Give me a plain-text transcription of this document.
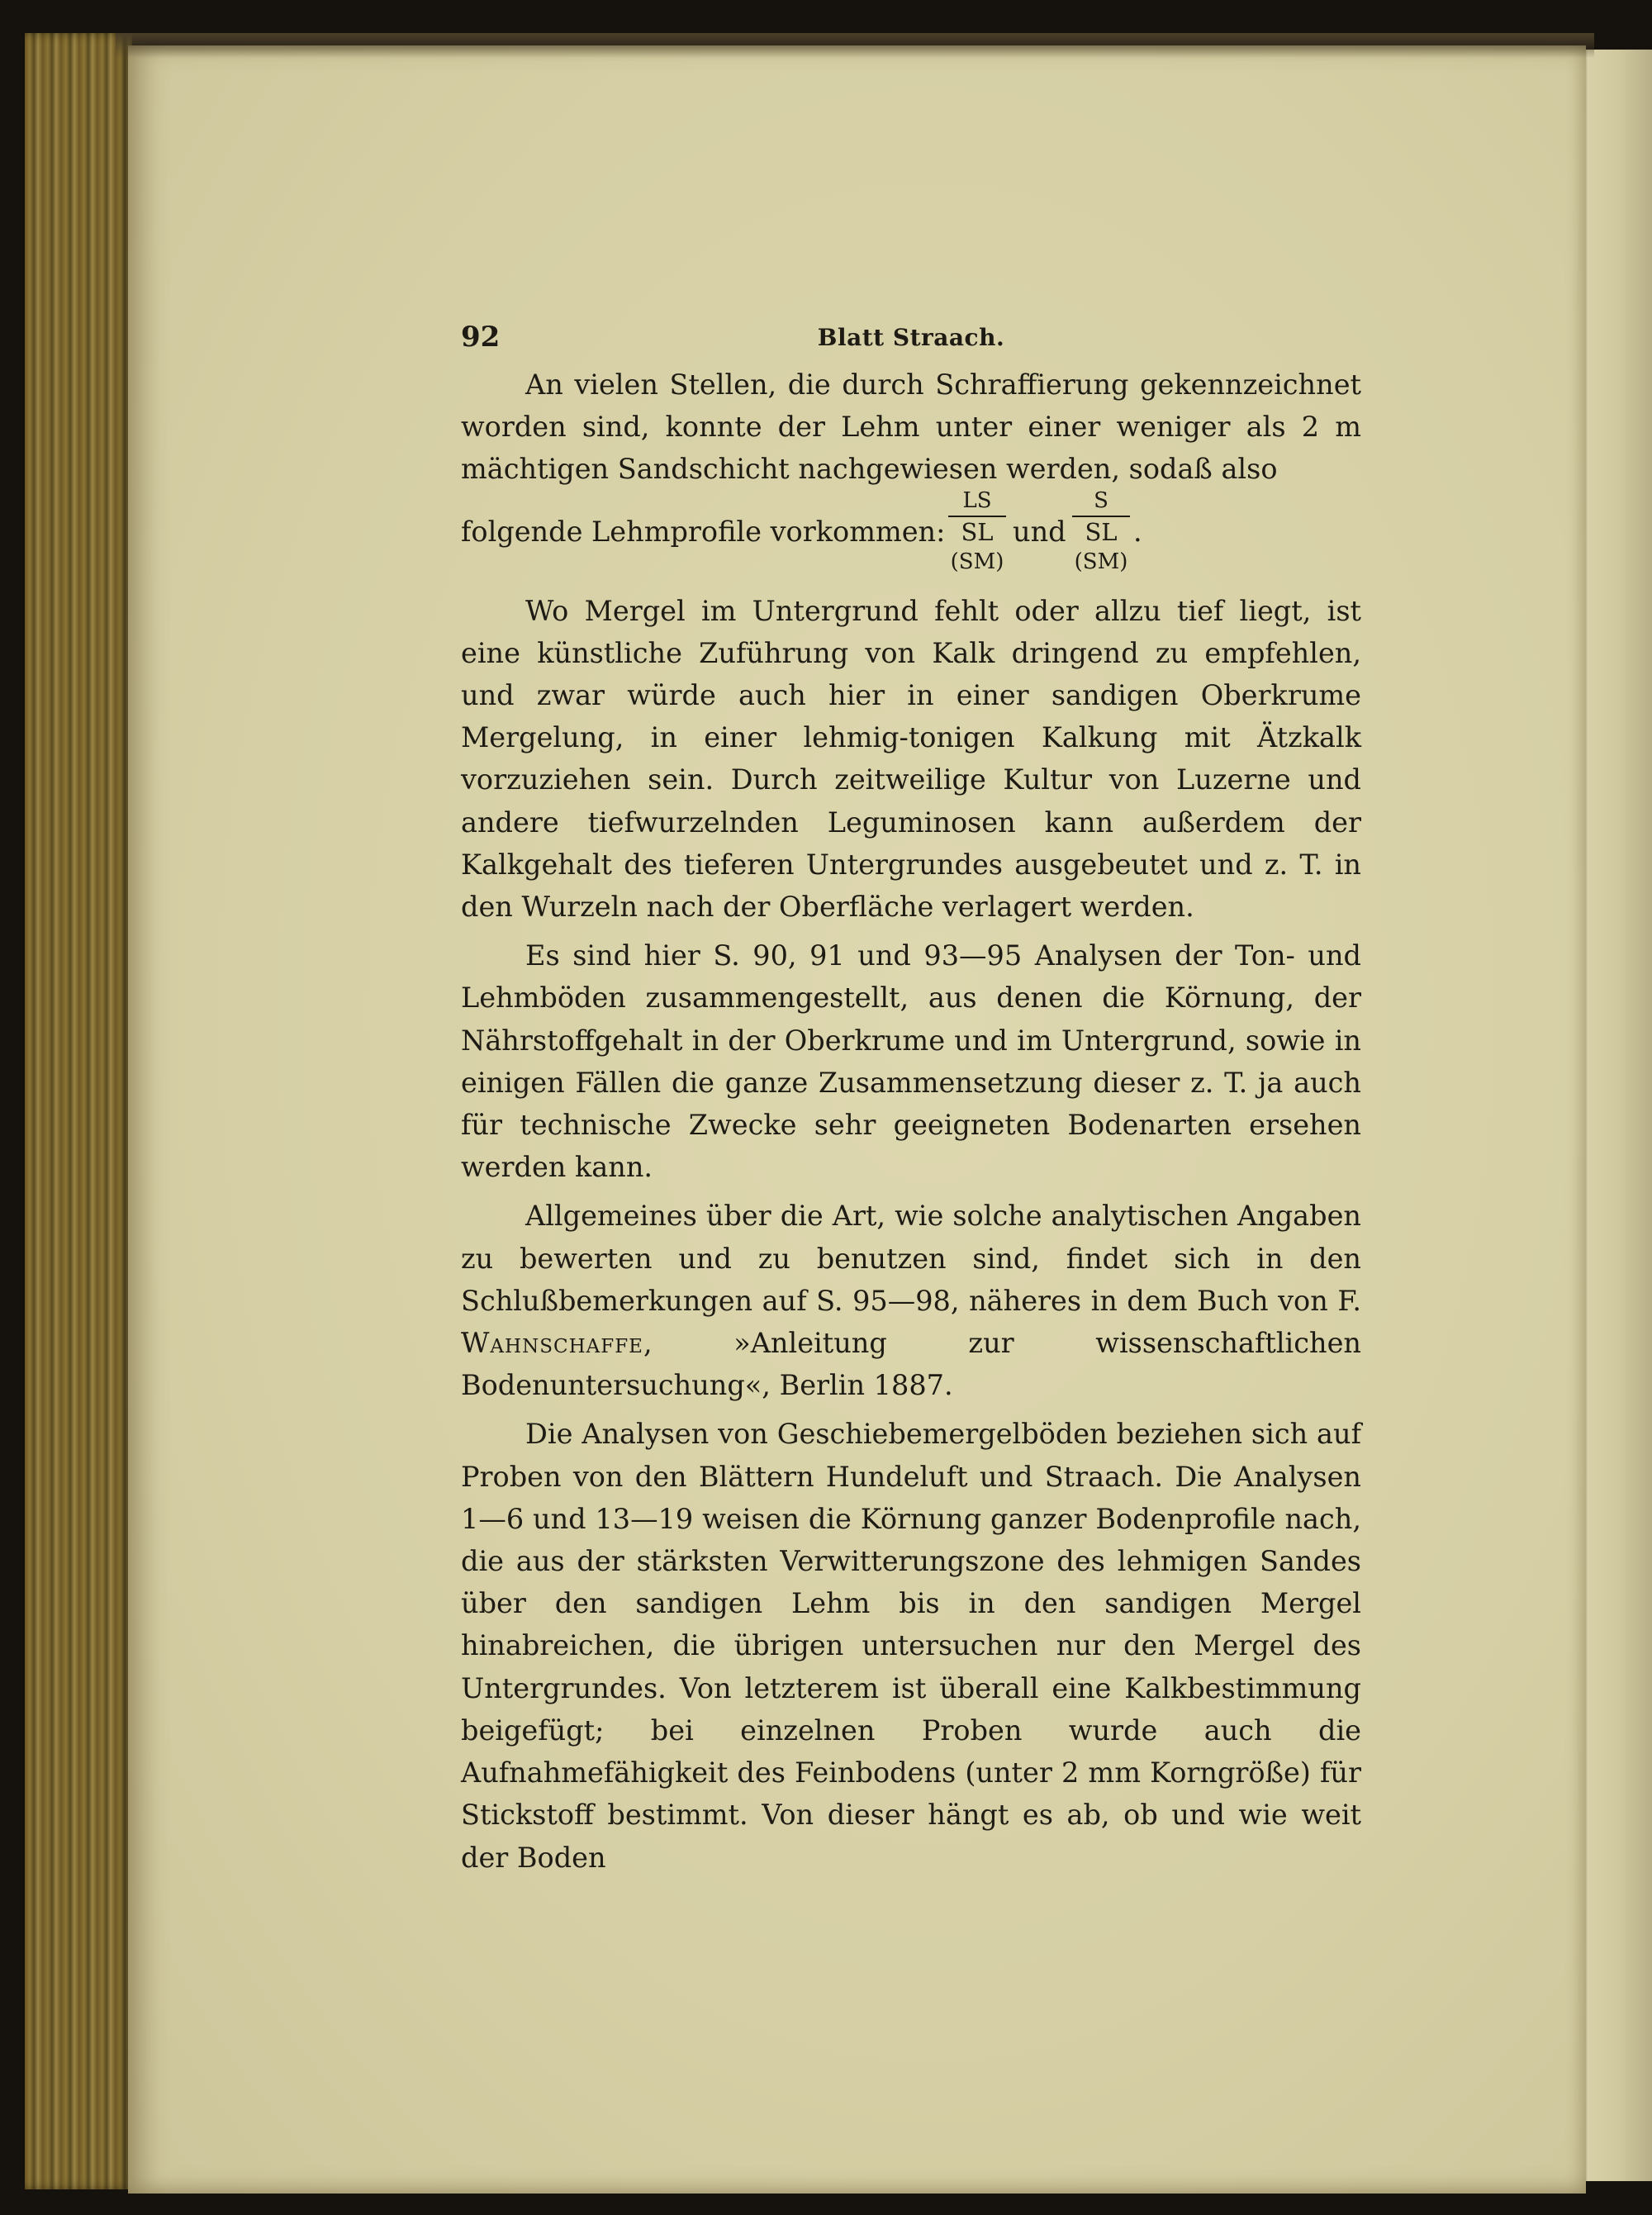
92	Blatt Straach.

An vielen Stellen, die durch Schraffierung gekennzeichnet worden sind, konnte der Lehm unter einer weniger als 2 m mächtigen Sandschicht nachgewiesen werden, sodaß also

folgende Lehmprofile vorkommen:
LS
SL
(SM)
und
S
SL
(SM)
.

Wo Mergel im Untergrund fehlt oder allzu tief liegt, ist eine künstliche Zuführung von Kalk dringend zu empfehlen, und zwar würde auch hier in einer sandigen Oberkrume Mergelung, in einer lehmig-tonigen Kalkung mit Ätzkalk vorzuziehen sein. Durch zeitweilige Kultur von Luzerne und andere tiefwurzelnden Leguminosen kann außerdem der Kalkgehalt des tieferen Untergrundes ausgebeutet und z. T. in den Wurzeln nach der Oberfläche verlagert werden.

Es sind hier S. 90, 91 und 93—95 Analysen der Ton- und Lehmböden zusammengestellt, aus denen die Körnung, der Nährstoffgehalt in der Oberkrume und im Untergrund, sowie in einigen Fällen die ganze Zusammensetzung dieser z. T. ja auch für technische Zwecke sehr geeigneten Bodenarten ersehen werden kann.

Allgemeines über die Art, wie solche analytischen Angaben zu bewerten und zu benutzen sind, findet sich in den Schlußbemerkungen auf S. 95—98, näheres in dem Buch von F. Wahnschaffe, »Anleitung zur wissenschaftlichen Bodenuntersuchung«, Berlin 1887.

Die Analysen von Geschiebemergelböden beziehen sich auf Proben von den Blättern Hundeluft und Straach. Die Analysen 1—6 und 13—19 weisen die Körnung ganzer Bodenprofile nach, die aus der stärksten Verwitterungszone des lehmigen Sandes über den sandigen Lehm bis in den sandigen Mergel hinabreichen, die übrigen untersuchen nur den Mergel des Untergrundes. Von letzterem ist überall eine Kalkbestimmung beigefügt; bei einzelnen Proben wurde auch die Aufnahmefähigkeit des Feinbodens (unter 2 mm Korngröße) für Stickstoff bestimmt. Von dieser hängt es ab, ob und wie weit der Boden
